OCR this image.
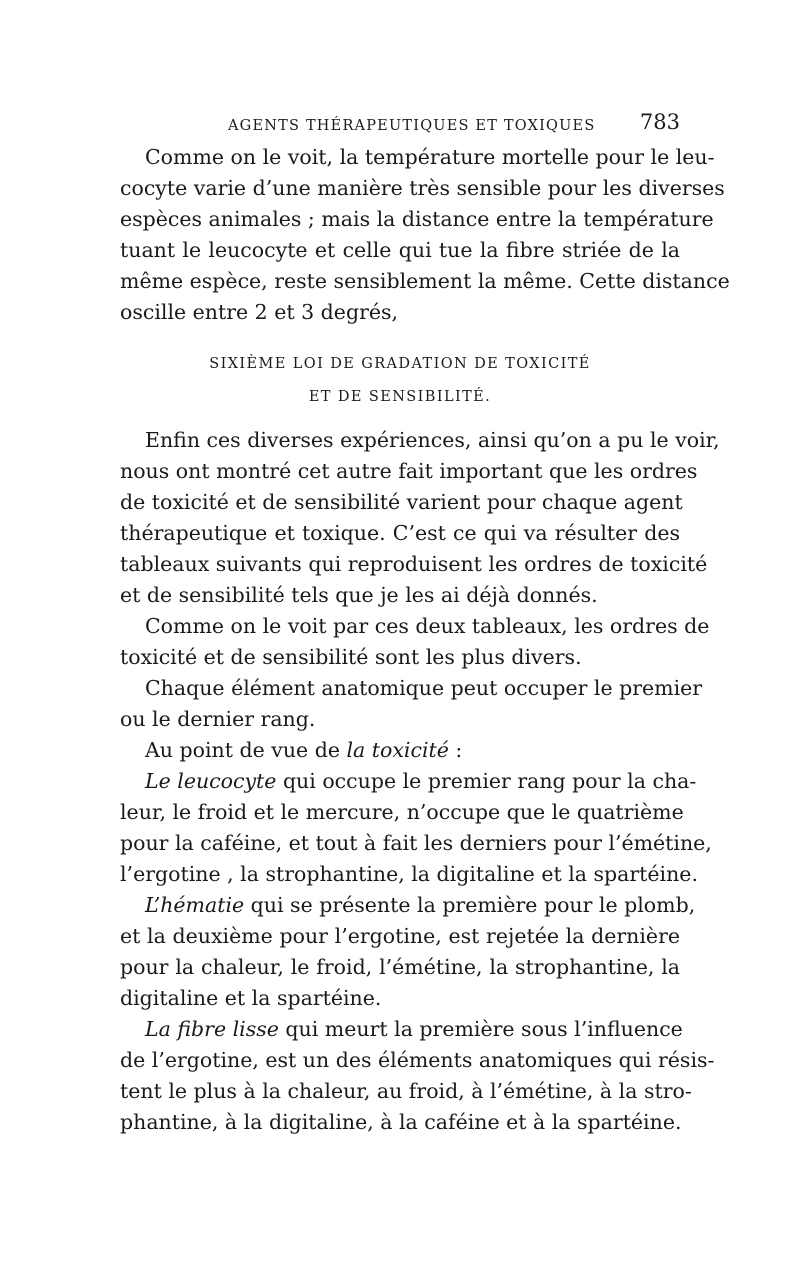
AGENTS THÉRAPEUTIQUES ET TOXIQUES 783
Comme on le voit, la température mortelle pour le leu-
cocyte varie d’une manière très sensible pour les diverses
espèces animales ; mais la distance entre la température
tuant le leucocyte et celle qui tue la fibre striée de la
même espèce, reste sensiblement la même. Cette distance
oscille entre 2 et 3 degrés,
SIXIÈME LOI DE GRADATION DE TOXICITÉ
ET DE SENSIBILITÉ.
Enfin ces diverses expériences, ainsi qu’on a pu le voir,
nous ont montré cet autre fait important que les ordres
de toxicité et de sensibilité varient pour chaque agent
thérapeutique et toxique. C’est ce qui va résulter des
tableaux suivants qui reproduisent les ordres de toxicité
et de sensibilité tels que je les ai déjà donnés.
Comme on le voit par ces deux tableaux, les ordres de
toxicité et de sensibilité sont les plus divers.
Chaque élément anatomique peut occuper le premier
ou le dernier rang.
Au point de vue de la toxicité :
Le leucocyte qui occupe le premier rang pour la cha-
leur, le froid et le mercure, n’occupe que le quatrième
pour la caféine, et tout à fait les derniers pour l’émétine,
l’ergotine , la strophantine, la digitaline et la spartéine.
L’hématie qui se présente la première pour le plomb,
et la deuxième pour l’ergotine, est rejetée la dernière
pour la chaleur, le froid, l’émétine, la strophantine, la
digitaline et la spartéine.
La fibre lisse qui meurt la première sous l’influence
de l’ergotine, est un des éléments anatomiques qui résis-
tent le plus à la chaleur, au froid, à l’émétine, à la stro-
phantine, à la digitaline, à la caféine et à la spartéine.
